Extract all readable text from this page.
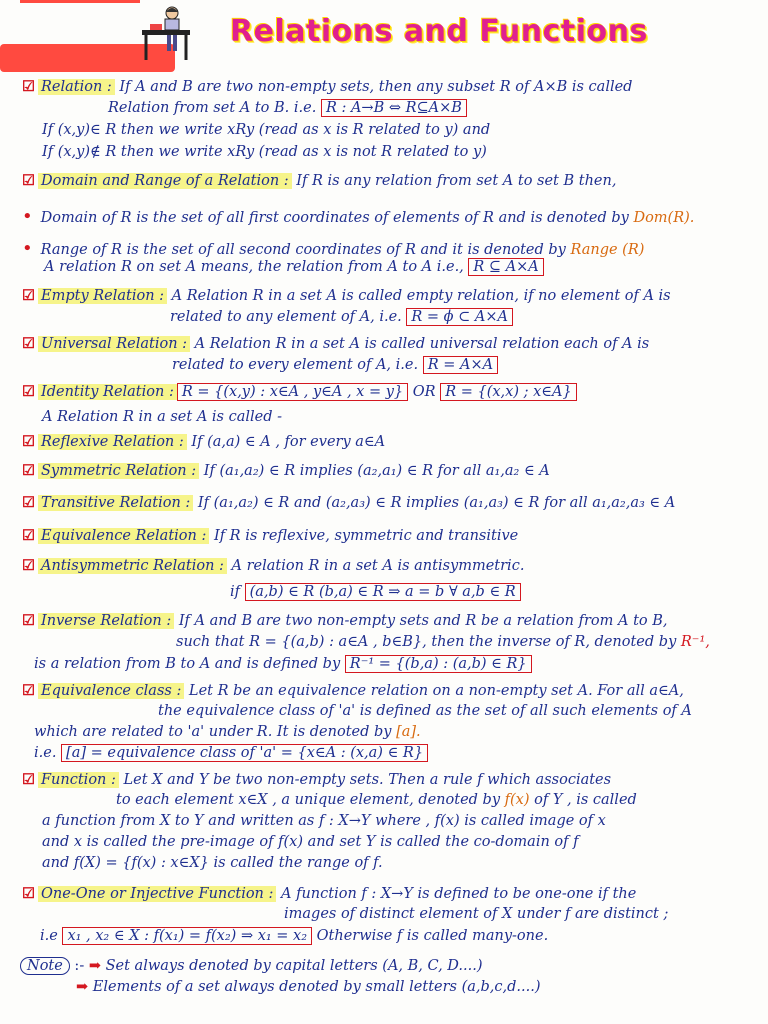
Relations and Functions
☑ Relation : If A and B are two non-empty sets, then any subset R of A×B is called
Relation from set A to B. i.e. R : A→B ⇔ R⊆A×B
If (x,y)∈ R then we write xRy (read as x is R related to y) and
If (x,y)∉ R then we write xRy (read as x is not R related to y)
☑ Domain and Range of a Relation : If R is any relation from set A to set B then,
• Domain of R is the set of all first coordinates of elements of R and is denoted by Dom(R).
• Range of R is the set of all second coordinates of R and it is denoted by Range (R)
A relation R on set A means, the relation from A to A i.e., R ⊆ A×A
☑ Empty Relation : A Relation R in a set A is called empty relation, if no element of A is
related to any element of A, i.e. R = ϕ ⊂ A×A
☑ Universal Relation : A Relation R in a set A is called universal relation each of A is
related to every element of A, i.e. R = A×A
☑ Identity Relation : R = {(x,y) : x∈A , y∈A , x = y} OR R = {(x,x) ; x∈A}
A Relation R in a set A is called -
☑ Reflexive Relation : If (a,a) ∈ A , for every a∈A
☑ Symmetric Relation : If (a₁,a₂) ∈ R implies (a₂,a₁) ∈ R for all a₁,a₂ ∈ A
☑ Transitive Relation : If (a₁,a₂) ∈ R and (a₂,a₃) ∈ R implies (a₁,a₃) ∈ R for all a₁,a₂,a₃ ∈ A
☑ Equivalence Relation : If R is reflexive, symmetric and transitive
☑ Antisymmetric Relation : A relation R in a set A is antisymmetric.
if (a,b) ∈ R (b,a) ∈ R ⇒ a = b ∀ a,b ∈ R
☑ Inverse Relation : If A and B are two non-empty sets and R be a relation from A to B,
such that R = {(a,b) : a∈A , b∈B}, then the inverse of R, denoted by R⁻¹,
is a relation from B to A and is defined by R⁻¹ = {(b,a) : (a,b) ∈ R}
☑ Equivalence class : Let R be an equivalence relation on a non-empty set A. For all a∈A,
the equivalence class of 'a' is defined as the set of all such elements of A
which are related to 'a' under R. It is denoted by [a].
i.e. [a] = equivalence class of 'a' = {x∈A : (x,a) ∈ R}
☑ Function : Let X and Y be two non-empty sets. Then a rule f which associates
to each element x∈X , a unique element, denoted by f(x) of Y , is called
a function from X to Y and written as f : X→Y where , f(x) is called image of x
and x is called the pre-image of f(x) and set Y is called the co-domain of f
and f(X) = {f(x) : x∈X} is called the range of f.
☑ One-One or Injective Function : A function f : X→Y is defined to be one-one if the
images of distinct element of X under f are distinct ;
i.e x₁ , x₂ ∈ X : f(x₁) = f(x₂) ⇒ x₁ = x₂ Otherwise f is called many-one.
Note :- ➡ Set always denoted by capital letters (A, B, C, D....)
➡ Elements of a set always denoted by small letters (a,b,c,d....)
